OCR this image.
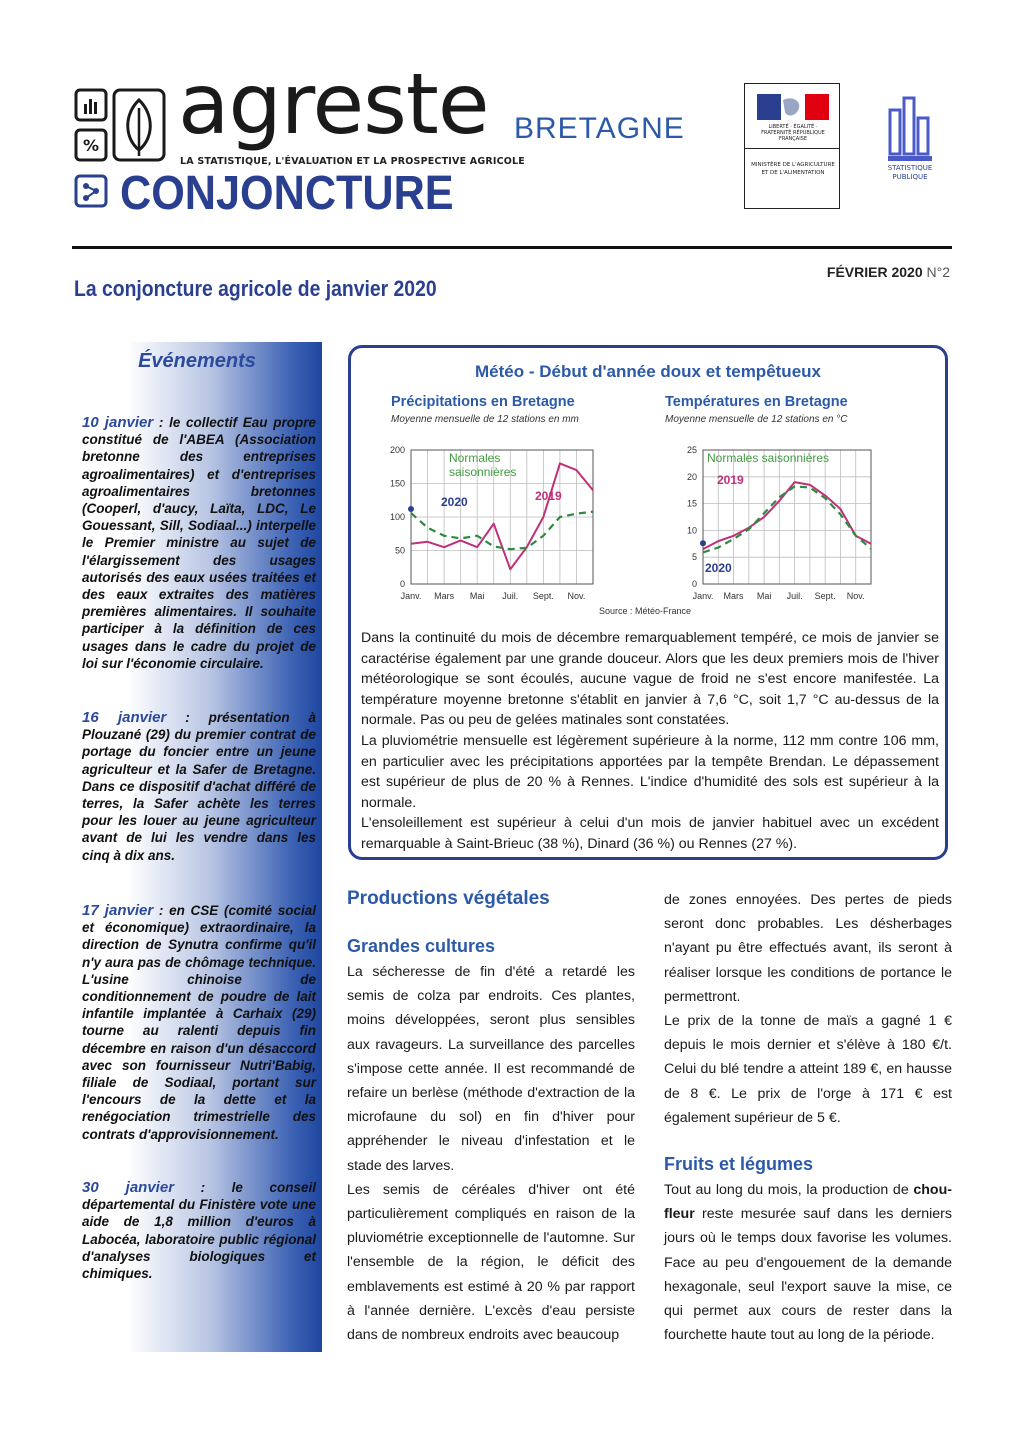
% agreste
LA STATISTIQUE, L'ÉVALUATION ET LA PROSPECTIVE AGRICOLE
CONJONCTURE
BRETAGNE	LIBERTÉ · ÉGALITÉ · FRATERNITÉ RÉPUBLIQUE FRANÇAISE
MINISTÈRE DE L'AGRICULTURE ET DE L'ALIMENTATION
STATISTIQUE PUBLIQUE
La conjoncture agricole de janvier 2020
FÉVRIER 2020 N°2
Événements
10 janvier : le collectif Eau propre constitué de l'ABEA (Association bretonne des entreprises agroalimentaires) et d'entreprises agroalimentaires bretonnes (Cooperl, d'aucy, Laïta, LDC, Le Gouessant, Sill, Sodiaal...) interpelle le Premier ministre au sujet de l'élargissement des usages autorisés des eaux usées traitées et des eaux extraites des matières premières alimentaires. Il souhaite participer à la définition de ces usages dans le cadre du projet de loi sur l'économie circulaire.
16 janvier : présentation à Plouzané (29) du premier contrat de portage du foncier entre un jeune agriculteur et la Safer de Bretagne. Dans ce dispositif d'achat différé de terres, la Safer achète les terres pour les louer au jeune agriculteur avant de lui les vendre dans les cinq à dix ans.
17 janvier : en CSE (comité social et économique) extraordinaire, la direction de Synutra confirme qu'il n'y aura pas de chômage technique. L'usine chinoise de conditionnement de poudre de lait infantile implantée à Carhaix (29) tourne au ralenti depuis fin décembre en raison d'un désaccord avec son fournisseur Nutri'Babig, filiale de Sodiaal, portant sur l'encours de la dette et la renégociation trimestrielle des contrats d'approvisionnement.
30 janvier : le conseil départemental du Finistère vote une aide de 1,8 million d'euros à Labocéa, laboratoire public régional d'analyses biologiques et chimiques.
Météo - Début d'année doux et tempêtueux
Précipitations en Bretagne
Moyenne mensuelle de 12 stations en mm
0
50
100
150
200
Janv. Mars Mai Juil. Sept. Nov.
Normales
saisonnières
2020	2019
Températures en Bretagne
Moyenne mensuelle de 12 stations en °C
0
5
10
15
20
25
Janv. Mars Mai Juil. Sept. Nov.
Normales saisonnières
2019
2020
Source : Météo-France

Dans la continuité du mois de décembre remarquablement tempéré, ce mois de janvier se caractérise également par une grande douceur. Alors que les deux premiers mois de l'hiver météorologique se sont écoulés, aucune vague de froid ne s'est encore manifestée. La température moyenne bretonne s'établit en janvier à 7,6 °C, soit 1,7 °C au-dessus de la normale. Pas ou peu de gelées matinales sont constatées.

La pluviométrie mensuelle est légèrement supérieure à la norme, 112 mm contre 106 mm, en particulier avec les précipitations apportées par la tempête Brendan. Le dépassement est supérieur de plus de 20 % à Rennes. L'indice d'humidité des sols est supérieur à la normale.

L'ensoleillement est supérieur à celui d'un mois de janvier habituel avec un excédent remarquable à Saint-Brieuc (38 %), Dinard (36 %) ou Rennes (27 %).

Productions végétales
Grandes cultures

La sécheresse de fin d'été a retardé les semis de colza par endroits. Ces plantes, moins développées, seront plus sensibles aux ravageurs. La surveillance des parcelles s'impose cette année. Il est recommandé de refaire un berlèse (méthode d'extraction de la microfaune du sol) en fin d'hiver pour appréhender le niveau d'infestation et le stade des larves.

Les semis de céréales d'hiver ont été particulièrement compliqués en raison de la pluviométrie exceptionnelle de l'automne. Sur l'ensemble de la région, le déficit des emblavements est estimé à 20 % par rapport à l'année dernière. L'excès d'eau persiste dans de nombreux endroits avec beaucoup

de zones ennoyées. Des pertes de pieds seront donc probables. Les désherbages n'ayant pu être effectués avant, ils seront à réaliser lorsque les conditions de portance le permettront.

Le prix de la tonne de maïs a gagné 1 € depuis le mois dernier et s'élève à 180 €/t. Celui du blé tendre a atteint 189 €, en hausse de 8 €. Le prix de l'orge à 171 € est également supérieur de 5 €.

Fruits et légumes

Tout au long du mois, la production de chou-fleur reste mesurée sauf dans les derniers jours où le temps doux favorise les volumes. Face au peu d'engouement de la demande hexagonale, seul l'export sauve la mise, ce qui permet aux cours de rester dans la fourchette haute tout au long de la période.
